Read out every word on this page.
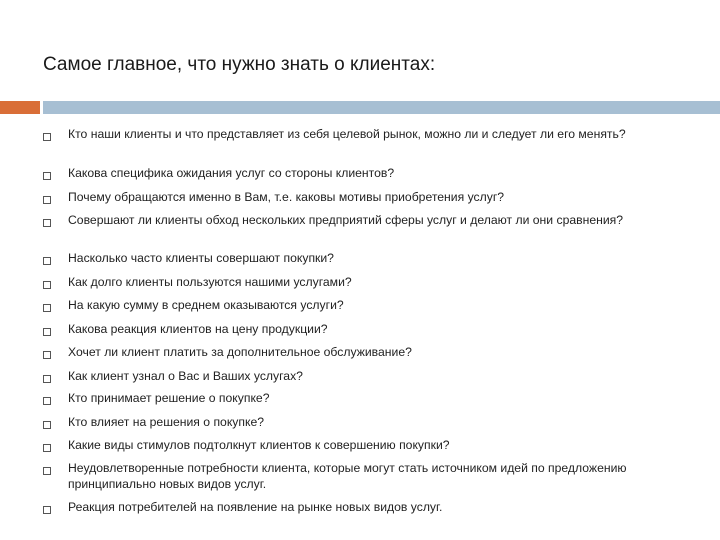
Самое главное, что нужно знать о клиентах:
Кто наши клиенты и что представляет из себя целевой рынок, можно ли и следует ли его менять?
Какова специфика ожидания услуг со стороны клиентов?
Почему обращаются именно в Вам, т.е. каковы мотивы приобретения услуг?
Совершают ли клиенты обход нескольких предприятий сферы услуг и делают ли они сравнения?
Насколько часто клиенты совершают покупки?
Как долго клиенты пользуются нашими услугами?
На какую сумму в среднем оказываются услуги?
Какова реакция клиентов на цену продукции?
Хочет ли клиент платить за дополнительное обслуживание?
Как клиент узнал о Вас и Ваших услугах?
Кто принимает решение о покупке?
Кто влияет на решения о покупке?
Какие виды стимулов подтолкнут клиентов к совершению покупки?
Неудовлетворенные потребности клиента, которые могут стать источником идей по предложению принципиально новых видов услуг.
Реакция потребителей на появление на рынке новых видов услуг.
